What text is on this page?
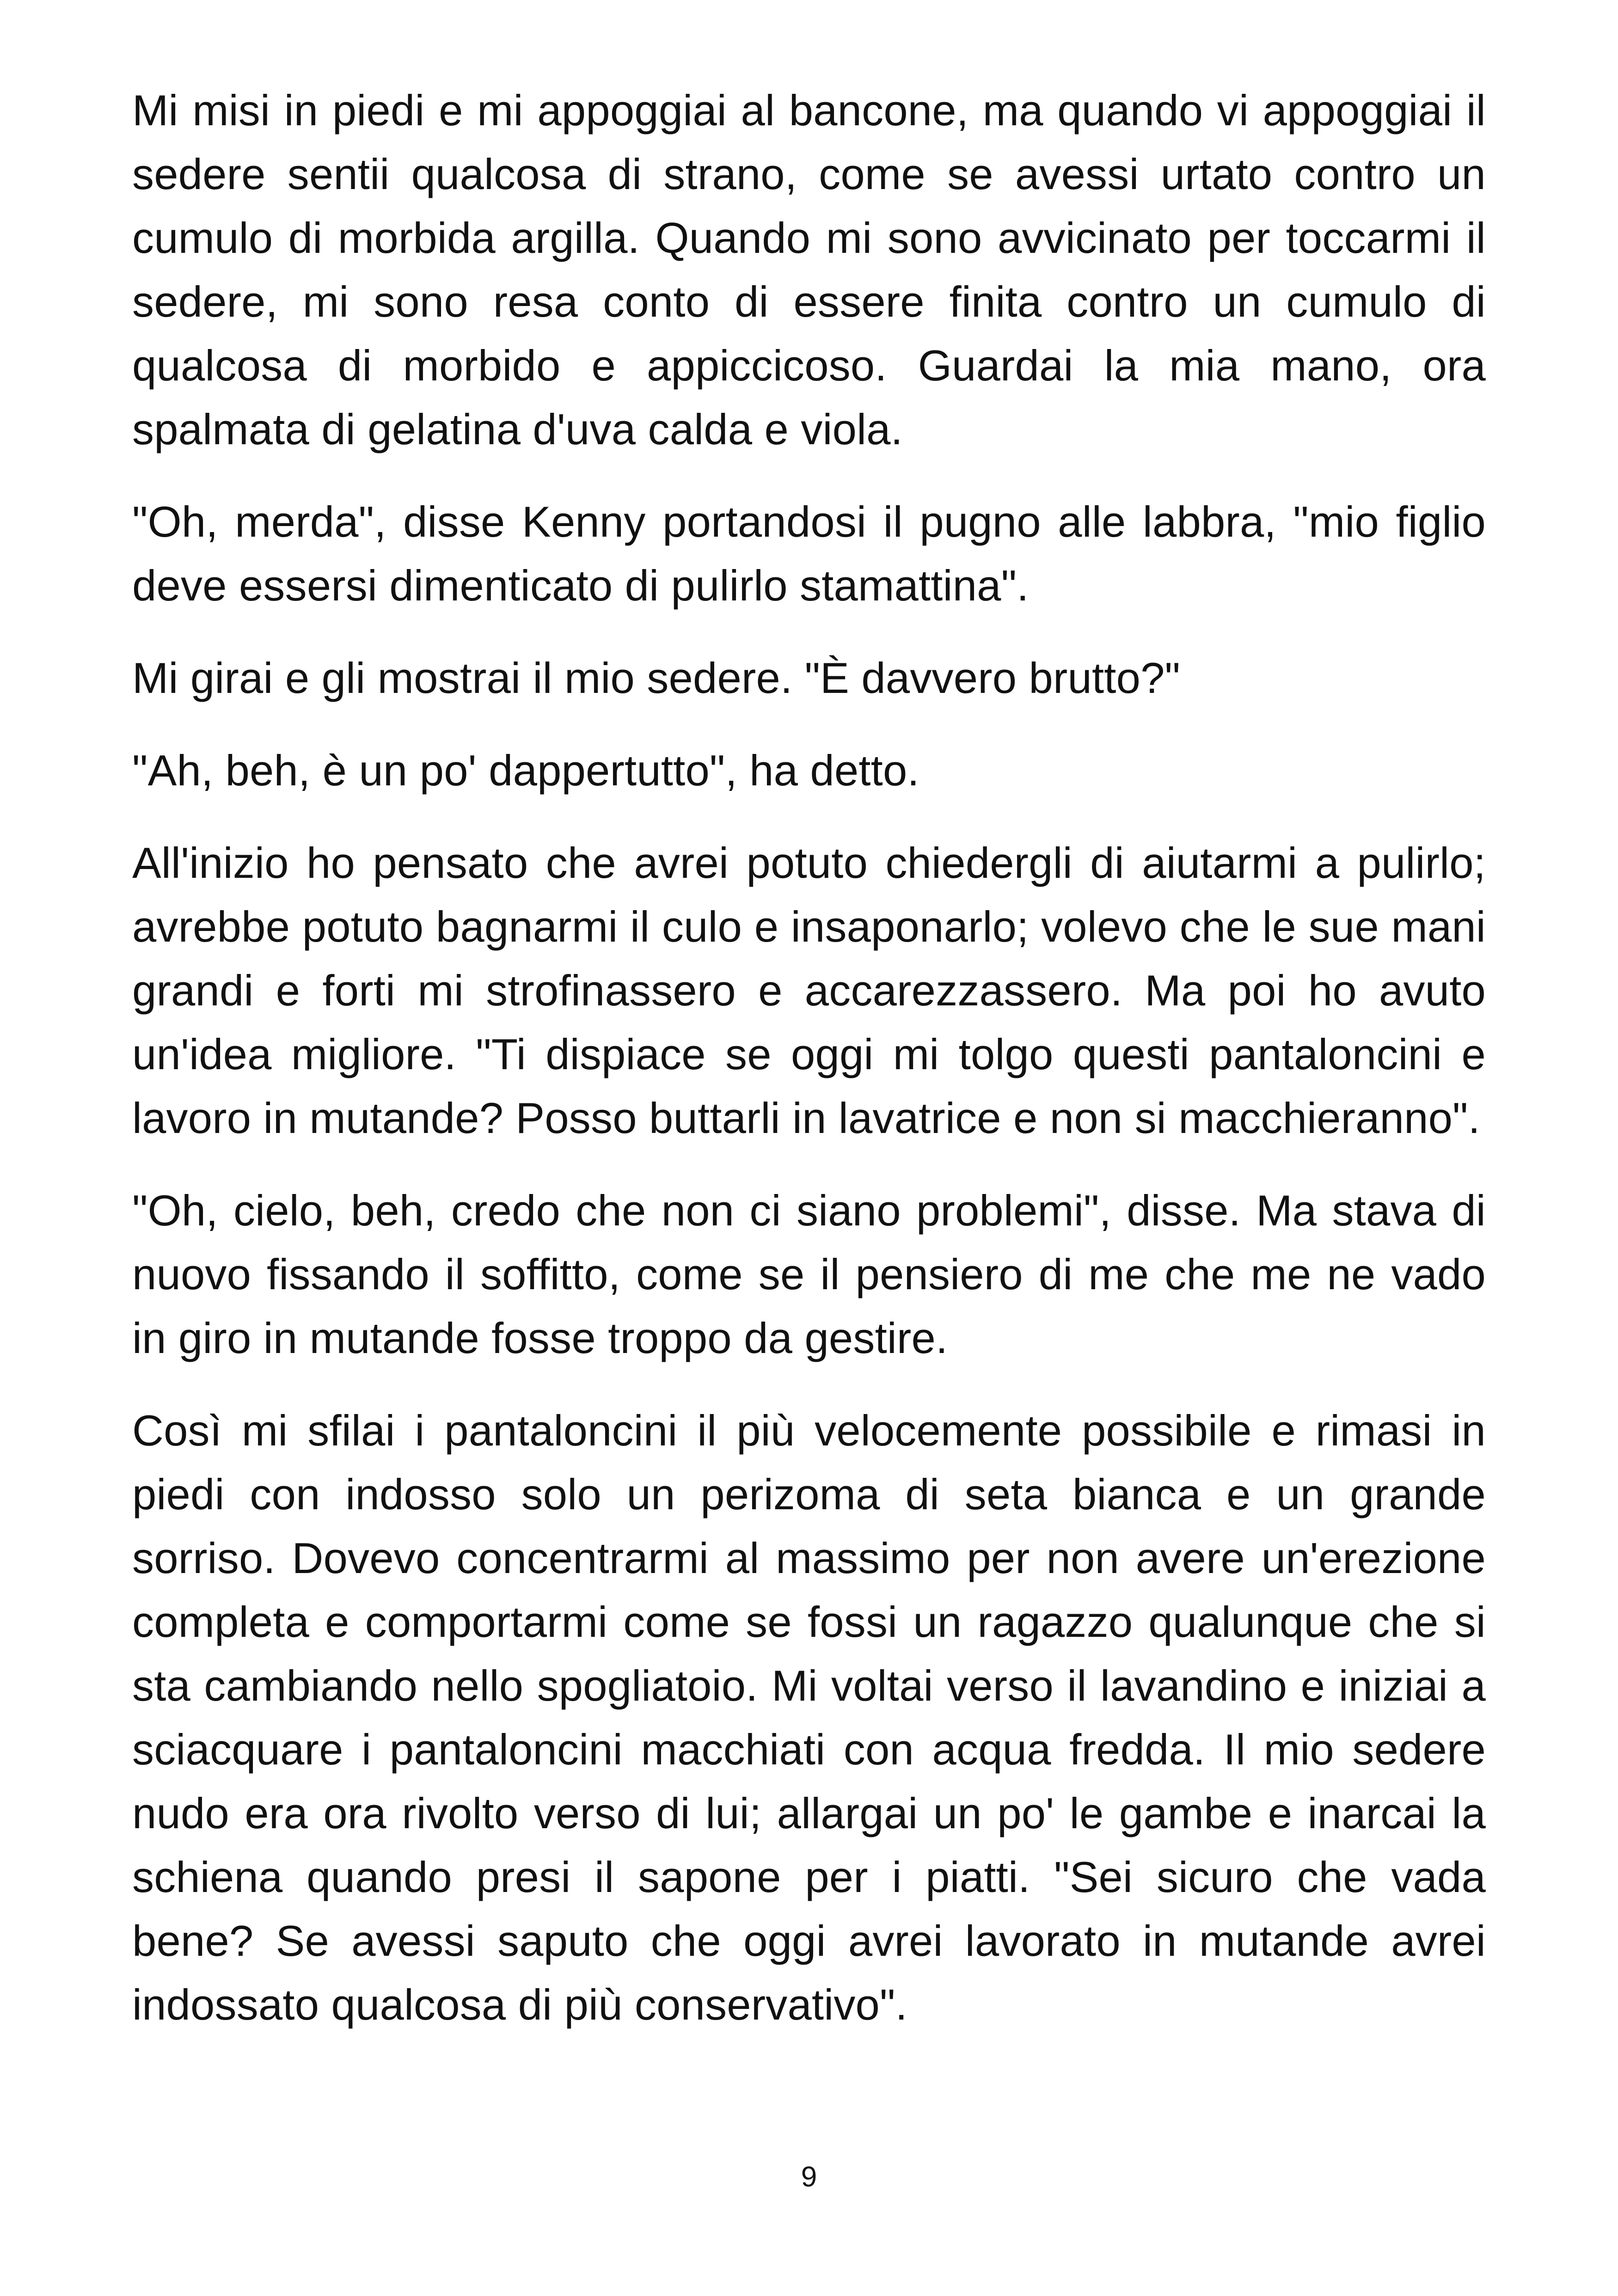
Mi misi in piedi e mi appoggiai al bancone, ma quando vi appoggiai il sedere sentii qualcosa di strano, come se avessi urtato contro un cumulo di morbida argilla. Quando mi sono avvicinato per toccarmi il sedere, mi sono resa conto di essere finita contro un cumulo di qualcosa di morbido e appiccicoso. Guardai la mia mano, ora spalmata di gelatina d'uva calda e viola.

"Oh, merda", disse Kenny portandosi il pugno alle labbra, "mio figlio deve essersi dimenticato di pulirlo stamattina".

Mi girai e gli mostrai il mio sedere. "È davvero brutto?"

"Ah, beh, è un po' dappertutto", ha detto.

All'inizio ho pensato che avrei potuto chiedergli di aiutarmi a pulirlo; avrebbe potuto bagnarmi il culo e insaponarlo; volevo che le sue mani grandi e forti mi strofinassero e accarezzassero. Ma poi ho avuto un'idea migliore. "Ti dispiace se oggi mi tolgo questi pantaloncini e lavoro in mutande? Posso buttarli in lavatrice e non si macchieranno".

"Oh, cielo, beh, credo che non ci siano problemi", disse. Ma stava di nuovo fissando il soffitto, come se il pensiero di me che me ne vado in giro in mutande fosse troppo da gestire.

Così mi sfilai i pantaloncini il più velocemente possibile e rimasi in piedi con indosso solo un perizoma di seta bianca e un grande sorriso. Dovevo concentrarmi al massimo per non avere un'erezione completa e comportarmi come se fossi un ragazzo qualunque che si sta cambiando nello spogliatoio. Mi voltai verso il lavandino e iniziai a sciacquare i pantaloncini macchiati con acqua fredda. Il mio sedere nudo era ora rivolto verso di lui; allargai un po' le gambe e inarcai la schiena quando presi il sapone per i piatti. "Sei sicuro che vada bene? Se avessi saputo che oggi avrei lavorato in mutande avrei indossato qualcosa di più conservativo".

9
